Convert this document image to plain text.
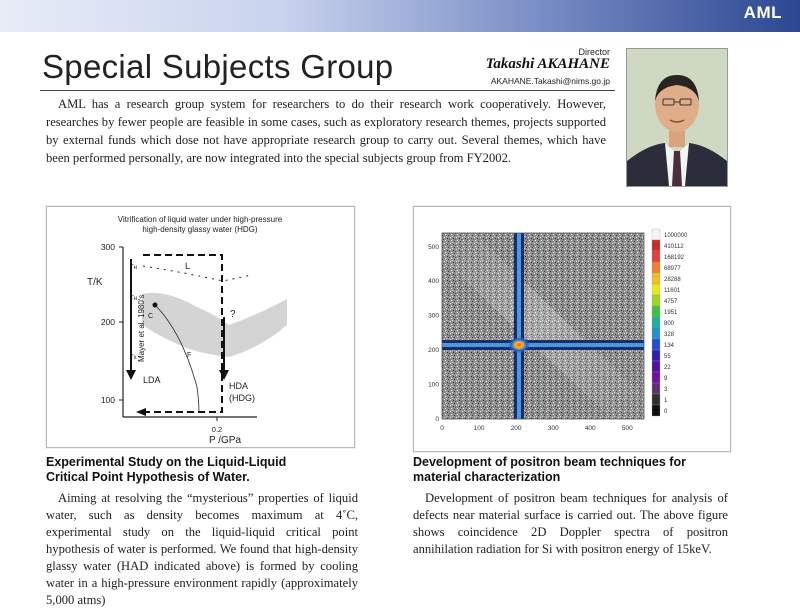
AML
Special Subjects Group	Director
Takashi AKAHANE
AKAHANE.Takashi@nims.go.jp
AML has a research group system for researchers to do their research work cooperatively. However, researches by fewer people are feasible in some cases, such as exploratory research themes, projects supported by external funds which dose not have appropriate research group to carry out. Several themes, which have been performed personally, are now integrated into the special subjects group from FY2002.
Vitrification of liquid water under high-pressure
high-density glassy water (HDG)
300
200
100
0.2
P /GPa
T/K
Tʜ
Tʜ
Tx
L
C
F
?
Mayer et al. 1980's
LDA
HDA
(HDG)
0	100	200	300	400	500
500
400
300
200
100
0
1000000
410112
168192
68977
28288
11601
4757
1951
800
328
134
55
22
9
3
1
0
Experimental Study on the Liquid-Liquid
Critical Point Hypothesis of Water.
Aiming at resolving the “mysterious” properties of liquid water, such as density becomes maximum at 4˚C, experimental study on the liquid-liquid critical point hypothesis of water is performed. We found that high-density glassy water (HAD indicated above) is formed by cooling water in a high-pressure environment rapidly (approximately 5,000 atms)
Development of positron beam techniques for
material characterization
Development of positron beam techniques for analysis of defects near material surface is carried out. The above figure shows coincidence 2D Doppler spectra of positron annihilation radiation for Si with positron energy of 15keV.
